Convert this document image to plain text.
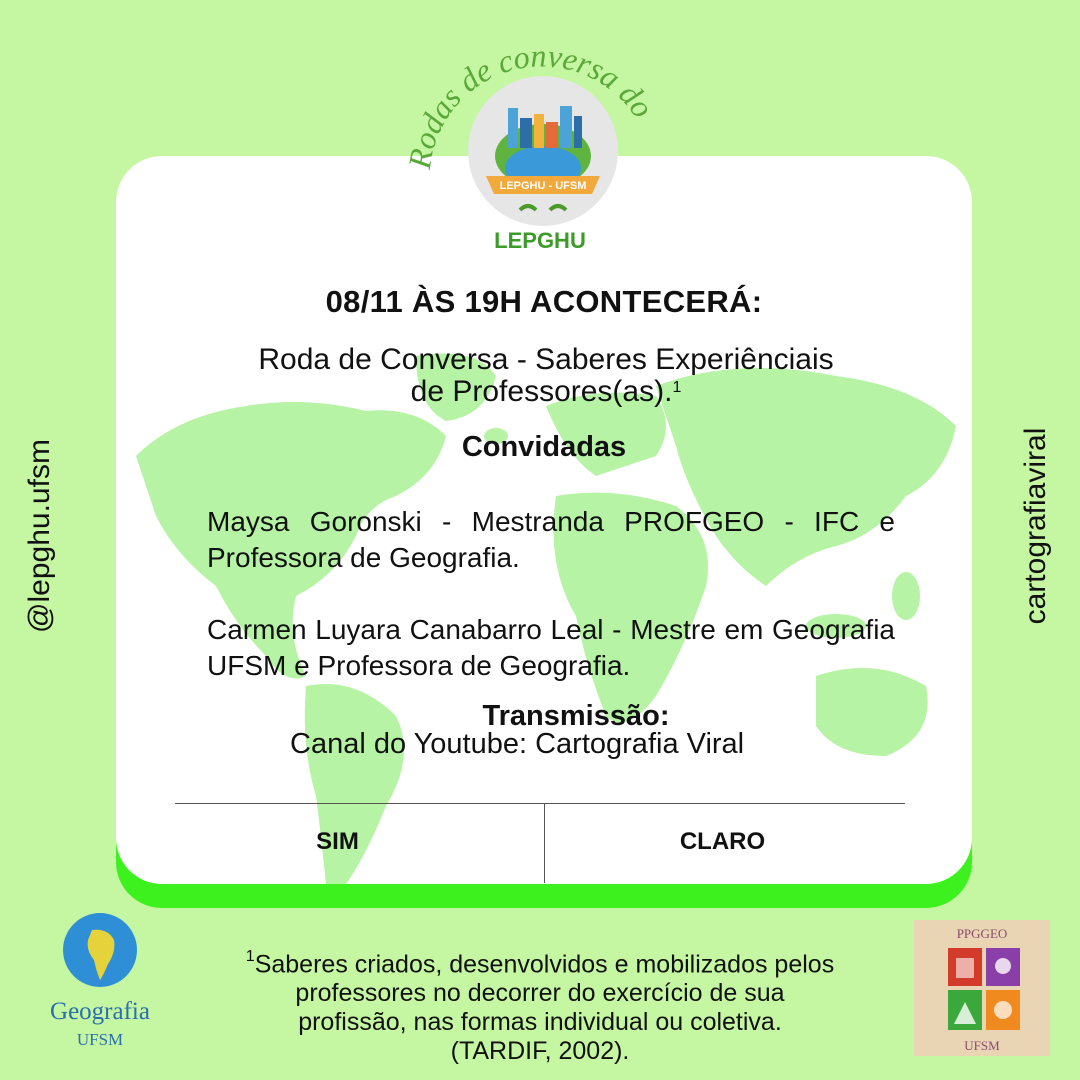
@lepghu.ufsm	cartografiaviral
Rodas de conversa do
LEPGHU - UFSM
LEPGHU
08/11 ÀS 19H ACONTECERÁ:
Roda de Conversa - Saberes Experiênciais
de Professores(as).$^1$
Convidadas
Maysa Goronski - Mestranda PROFGEO - IFC e Professora de Geografia.
Carmen Luyara Canabarro Leal - Mestre em Geografia UFSM e Professora de Geografia.
Transmissão:
Canal do Youtube: Cartografia Viral
SIM	CLARO
Geografia
UFSM
$^1$Saberes criados, desenvolvidos e mobilizados pelos
professores no decorrer do exercício de sua
profissão, nas formas individual ou coletiva.
(TARDIF, 2002).
PPGGEO
UFSM
